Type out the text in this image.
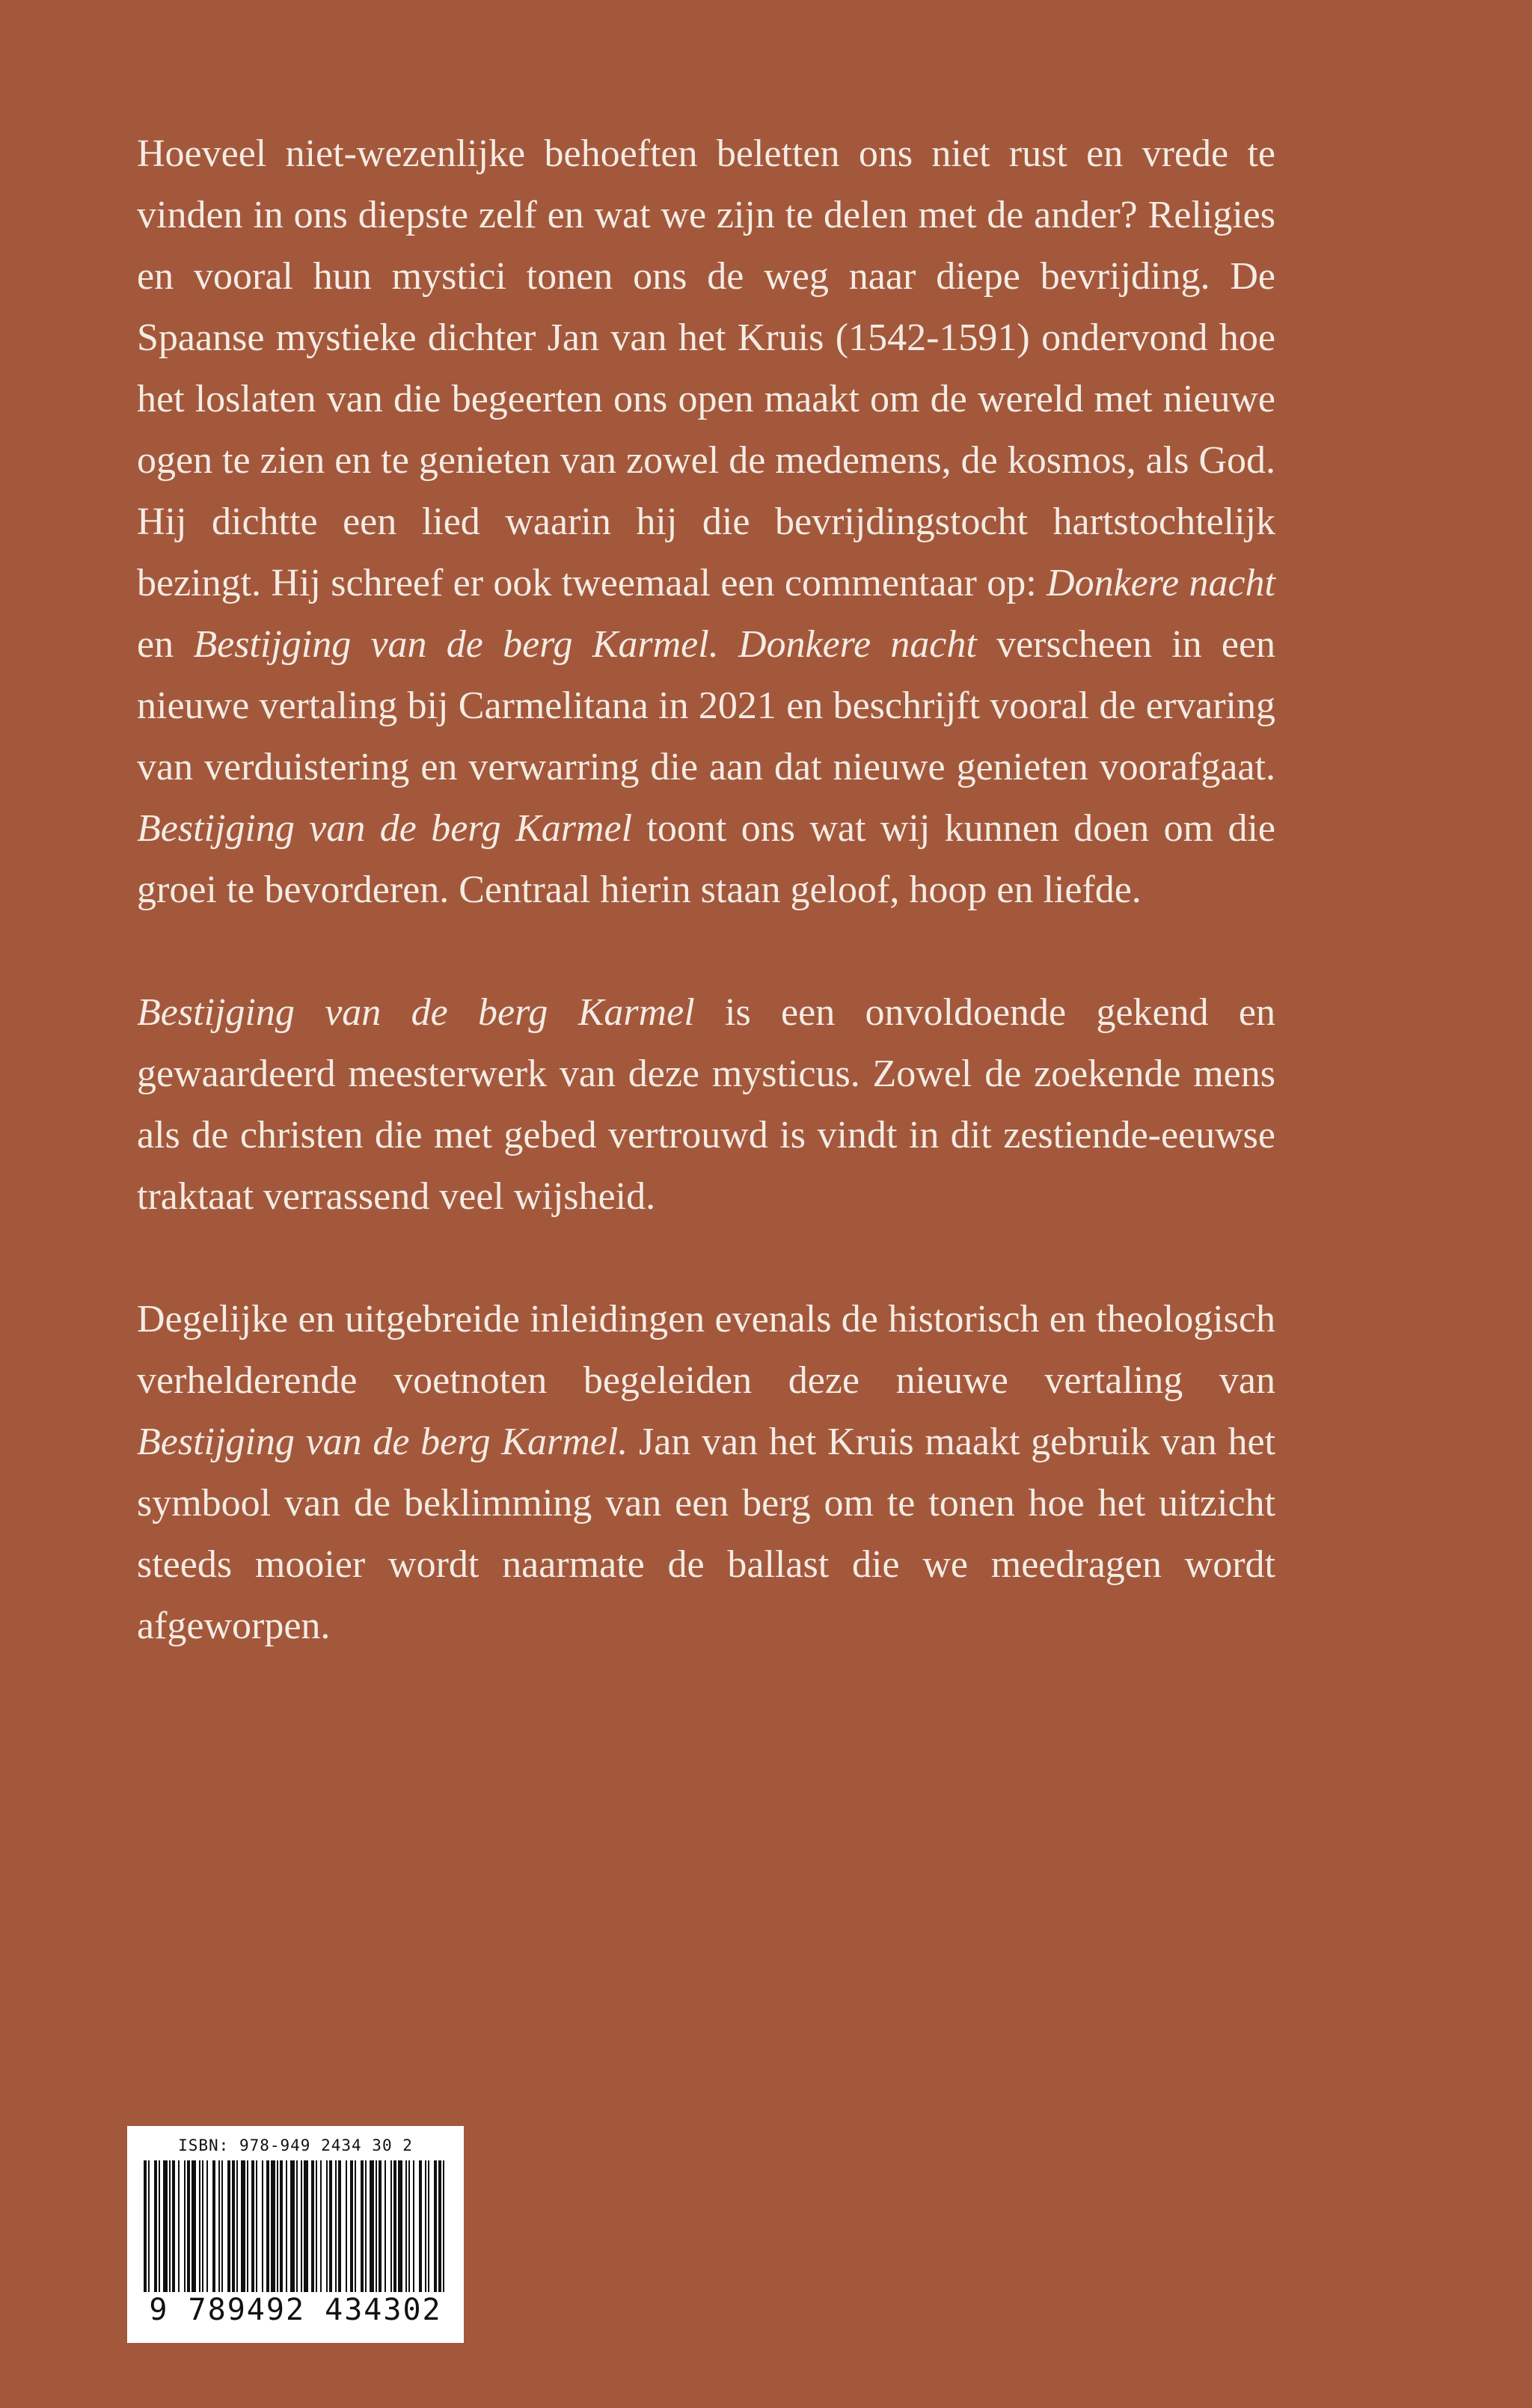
Hoeveel niet-wezenlijke behoeften beletten ons niet rust en vrede te vinden in ons diepste zelf en wat we zijn te delen met de ander? Religies en vooral hun mystici tonen ons de weg naar diepe bevrijding. De Spaanse mystieke dichter Jan van het Kruis (1542-1591) ondervond hoe het loslaten van die begeerten ons open maakt om de wereld met nieuwe ogen te zien en te genieten van zowel de medemens, de kosmos, als God. Hij dichtte een lied waarin hij die bevrijdingstocht hartstochtelijk bezingt. Hij schreef er ook tweemaal een commentaar op: Donkere nacht en Bestijging van de berg Karmel. Donkere nacht verscheen in een nieuwe vertaling bij Carmelitana in 2021 en beschrijft vooral de ervaring van verduistering en verwarring die aan dat nieuwe genieten voorafgaat. Bestijging van de berg Karmel toont ons wat wij kunnen doen om die groei te bevorderen. Centraal hierin staan geloof, hoop en liefde.

Bestijging van de berg Karmel is een onvoldoende gekend en gewaardeerd meesterwerk van deze mysticus. Zowel de zoekende mens als de christen die met gebed vertrouwd is vindt in dit zestiende-eeuwse traktaat verrassend veel wijsheid.

Degelijke en uitgebreide inleidingen evenals de historisch en theologisch verhelderende voetnoten begeleiden deze nieuwe vertaling van Bestijging van de berg Karmel. Jan van het Kruis maakt gebruik van het symbool van de beklimming van een berg om te tonen hoe het uitzicht steeds mooier wordt naarmate de ballast die we meedragen wordt afgeworpen.

ISBN: 978-949 2434 30 2
9 789492 434302
